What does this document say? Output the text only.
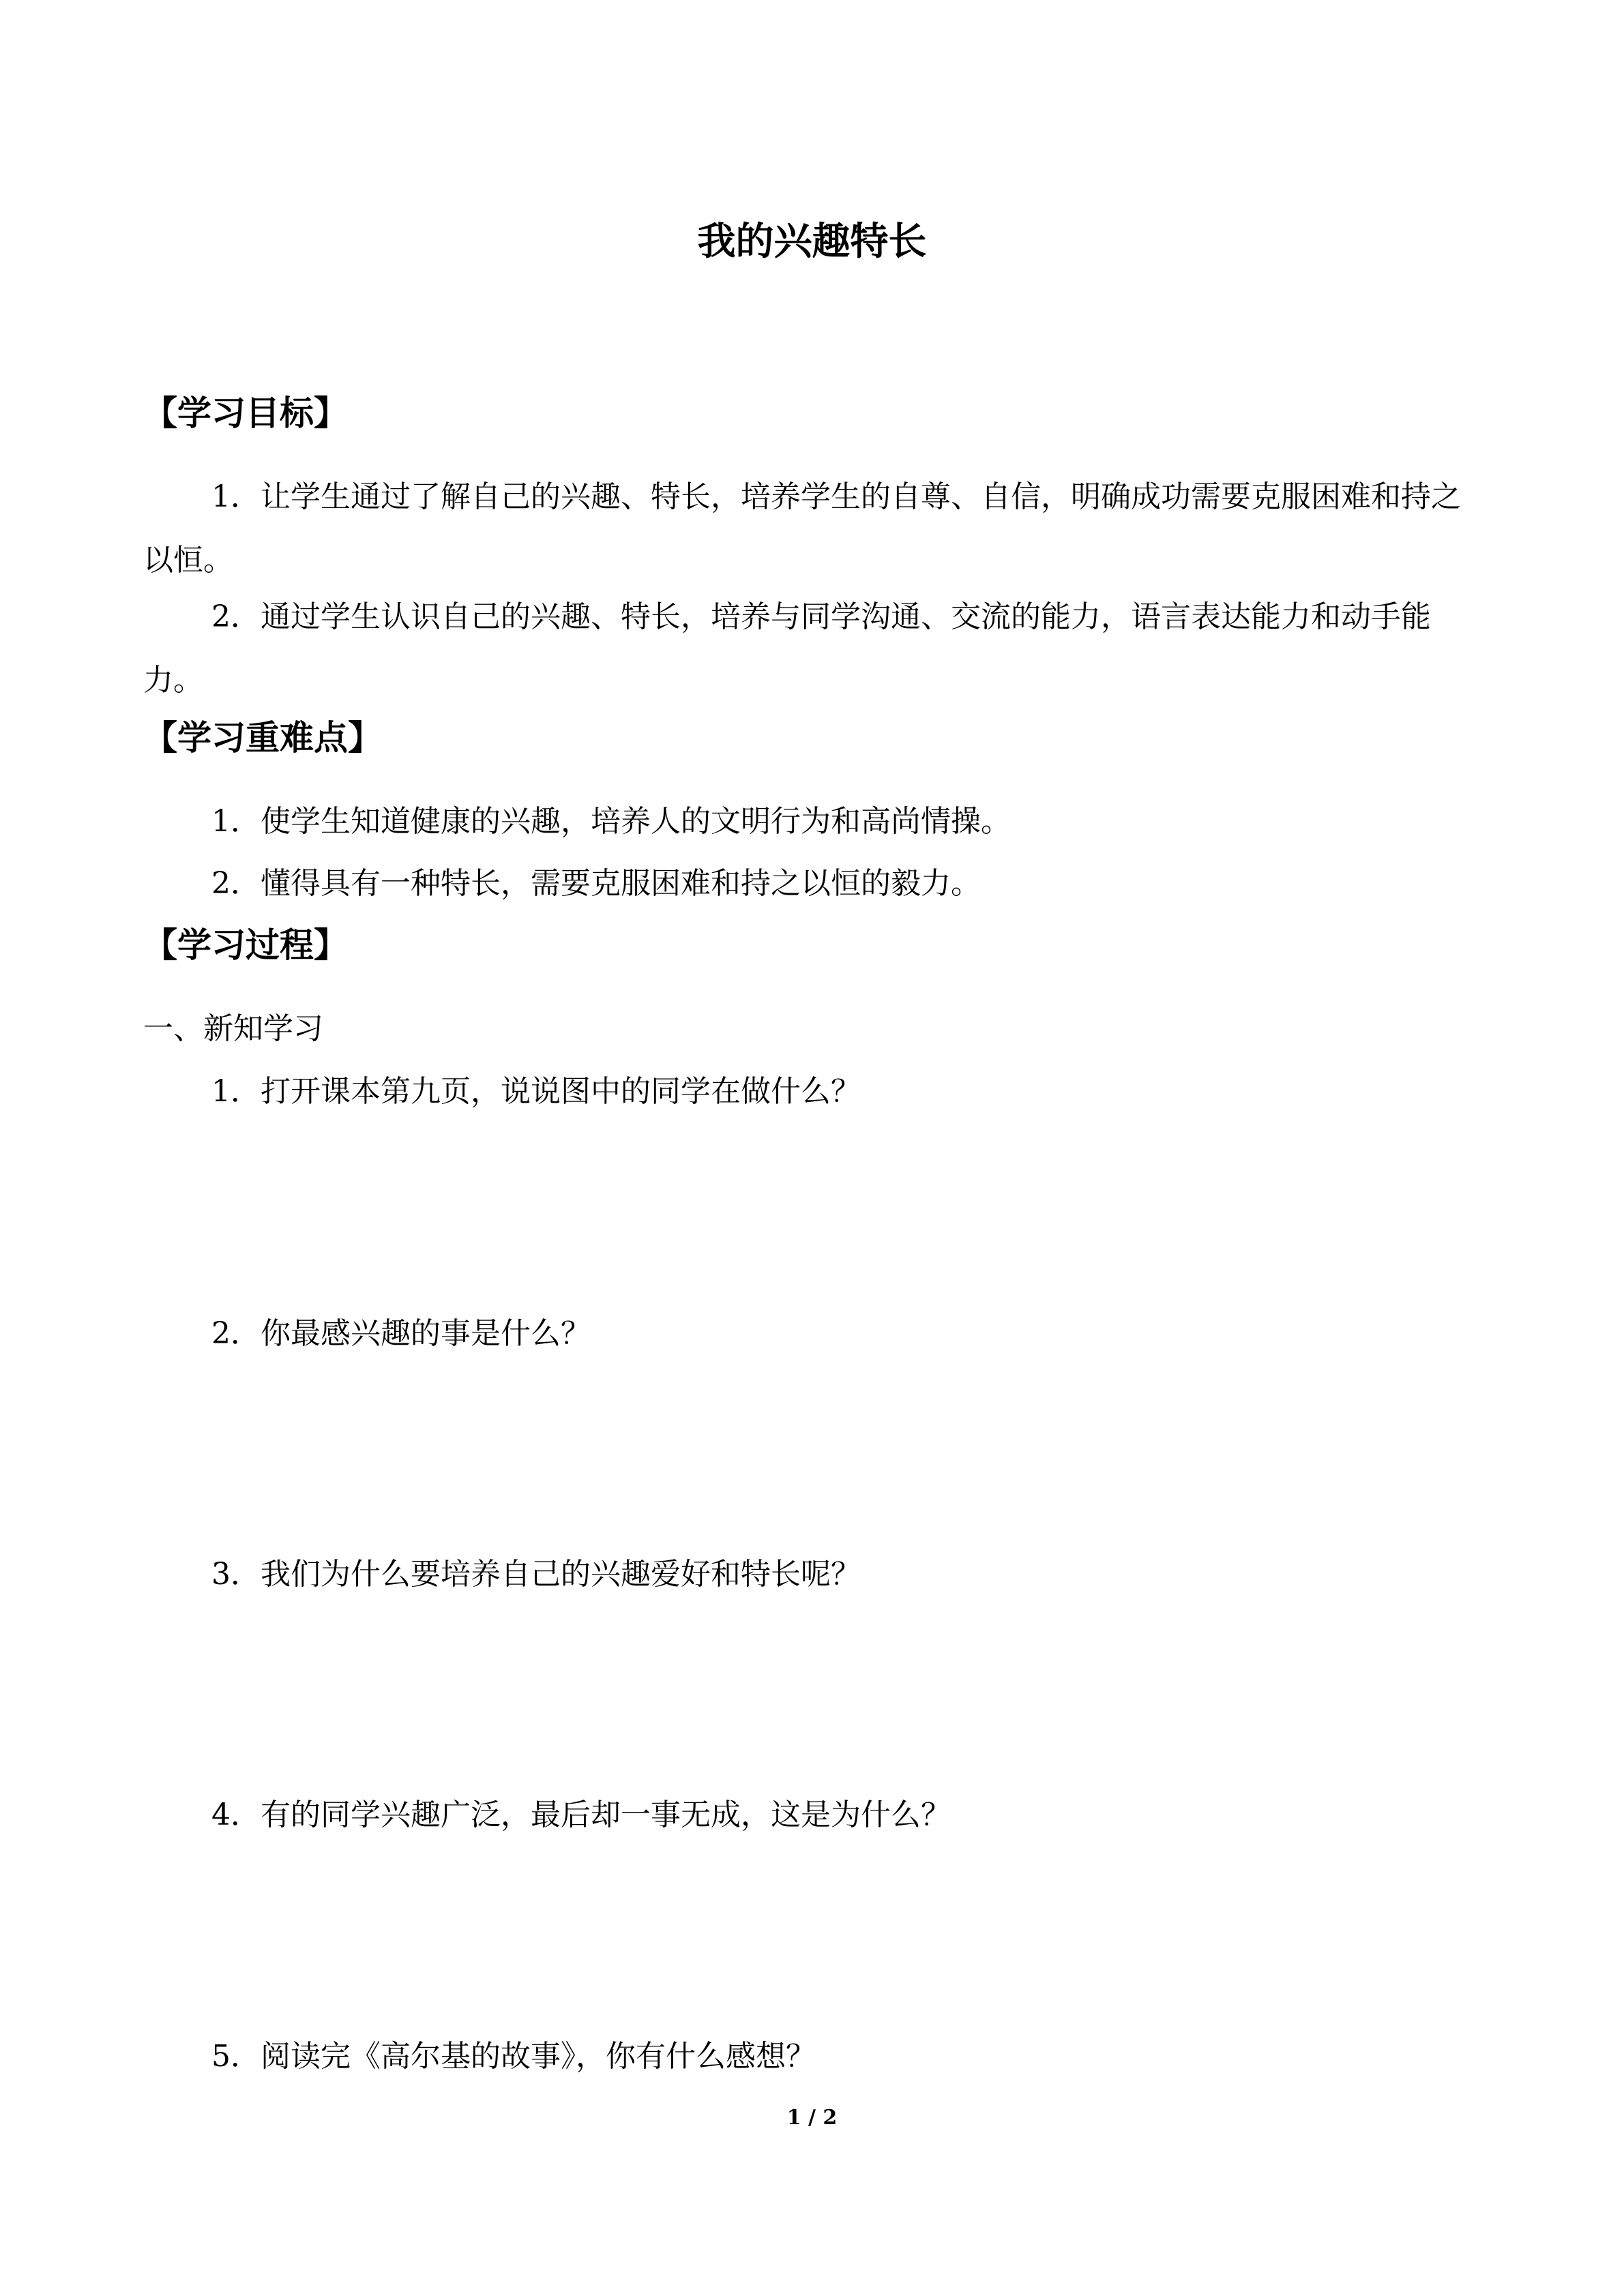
我的兴趣特长
【学习目标】

1．让学生通过了解自己的兴趣、特长，培养学生的自尊、自信，明确成功需要克服困难和持之以恒。

2．通过学生认识自己的兴趣、特长，培养与同学沟通、交流的能力，语言表达能力和动手能力。

【学习重难点】

1．使学生知道健康的兴趣，培养人的文明行为和高尚情操。

2．懂得具有一种特长，需要克服困难和持之以恒的毅力。

【学习过程】

一、新知学习

1．打开课本第九页，说说图中的同学在做什么？

2．你最感兴趣的事是什么？

3．我们为什么要培养自己的兴趣爱好和特长呢？

4．有的同学兴趣广泛，最后却一事无成，这是为什么？

5．阅读完《高尔基的故事》，你有什么感想？

1 / 2
